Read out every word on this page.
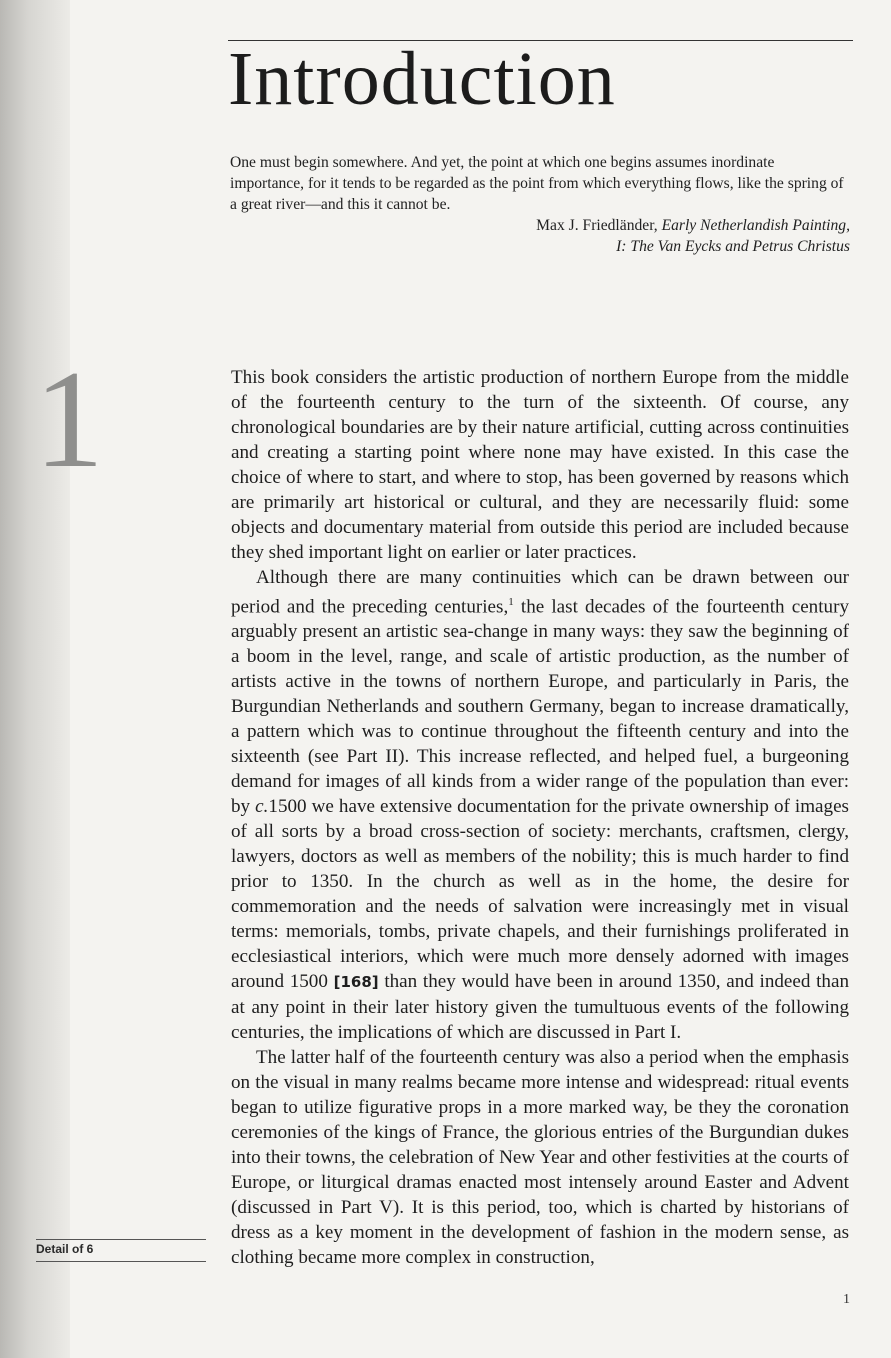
Introduction

One must begin somewhere. And yet, the point at which one begins assumes inordinate importance, for it tends to be regarded as the point from which everything flows, like the spring of a great river—and this it cannot be.

Max J. Friedländer, Early Netherlandish Painting,
I: The Van Eycks and Petrus Christus

1	This book considers the artistic production of northern Europe from the middle of the fourteenth century to the turn of the sixteenth. Of course, any chronological boundaries are by their nature artificial, cutting across continuities and creating a starting point where none may have existed. In this case the choice of where to start, and where to stop, has been governed by reasons which are primarily art historical or cultural, and they are necessarily fluid: some objects and documentary material from outside this period are included because they shed important light on earlier or later practices.

Although there are many continuities which can be drawn between our period and the preceding centuries,$^1$ the last decades of the fourteenth century arguably present an artistic sea-change in many ways: they saw the beginning of a boom in the level, range, and scale of artistic production, as the number of artists active in the towns of northern Europe, and particularly in Paris, the Burgundian Netherlands and southern Germany, began to increase dramatically, a pattern which was to continue throughout the fifteenth century and into the sixteenth (see Part II). This increase reflected, and helped fuel, a burgeoning demand for images of all kinds from a wider range of the population than ever: by c.1500 we have extensive documentation for the private ownership of images of all sorts by a broad cross-section of society: merchants, craftsmen, clergy, lawyers, doctors as well as members of the nobility; this is much harder to find prior to 1350. In the church as well as in the home, the desire for commemoration and the needs of salvation were increasingly met in visual terms: memorials, tombs, private chapels, and their furnishings proliferated in ecclesiastical interiors, which were much more densely adorned with images around 1500 [168] than they would have been in around 1350, and indeed than at any point in their later history given the tumultuous events of the following centuries, the implications of which are discussed in Part I.

The latter half of the fourteenth century was also a period when the emphasis on the visual in many realms became more intense and widespread: ritual events began to utilize figurative props in a more marked way, be they the coronation ceremonies of the kings of France, the glorious entries of the Burgundian dukes into their towns, the celebration of New Year and other festivities at the courts of Europe, or liturgical dramas enacted most intensely around Easter and Advent (discussed in Part V). It is this period, too, which is charted by historians of dress as a key moment in the development of fashion in the modern sense, as clothing became more complex in construction,

Detail of 6
1
